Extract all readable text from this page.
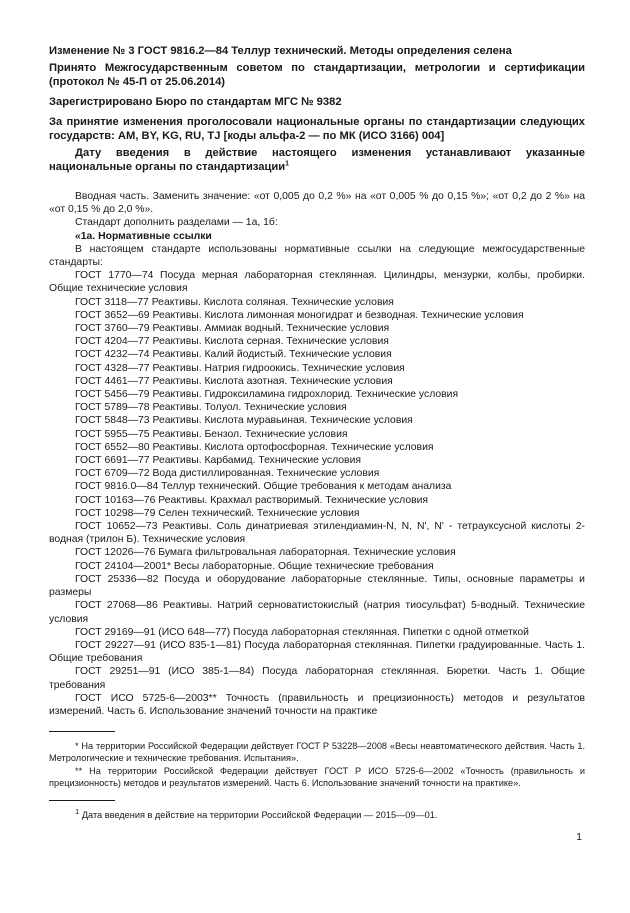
Изменение № 3 ГОСТ 9816.2—84 Теллур технический. Методы определения селена

Принято Межгосударственным советом по стандартизации, метрологии и сертификации (протокол № 45-П от 25.06.2014)

Зарегистрировано Бюро по стандартам МГС № 9382

За принятие изменения проголосовали национальные органы по стандартизации следующих государств: AM, BY, KG, RU, TJ [коды альфа-2 — по МК (ИСО 3166) 004]

Дату введения в действие настоящего изменения устанавливают указанные национальные органы по стандартизации$^1$

Вводная часть. Заменить значение: «от 0,005 до 0,2 %» на «от 0,005 % до 0,15 %»; «от 0,2 до 2 %» на «от 0,15 % до 2,0 %».

Стандарт дополнить разделами — 1а, 1б:

«1а. Нормативные ссылки

В настоящем стандарте использованы нормативные ссылки на следующие межгосударственные стандарты:

ГОСТ 1770—74 Посуда мерная лабораторная стеклянная. Цилиндры, мензурки, колбы, пробирки. Общие технические условия

ГОСТ 3118—77 Реактивы. Кислота соляная. Технические условия

ГОСТ 3652—69 Реактивы. Кислота лимонная моногидрат и безводная. Технические условия

ГОСТ 3760—79 Реактивы. Аммиак водный. Технические условия

ГОСТ 4204—77 Реактивы. Кислота серная. Технические условия

ГОСТ 4232—74 Реактивы. Калий йодистый. Технические условия

ГОСТ 4328—77 Реактивы. Натрия гидроокись. Технические условия

ГОСТ 4461—77 Реактивы. Кислота азотная. Технические условия

ГОСТ 5456—79 Реактивы. Гидроксиламина гидрохлорид. Технические условия

ГОСТ 5789—78 Реактивы. Толуол. Технические условия

ГОСТ 5848—73 Реактивы. Кислота муравьиная. Технические условия

ГОСТ 5955—75 Реактивы. Бензол. Технические условия

ГОСТ 6552—80 Реактивы. Кислота ортофосфорная. Технические условия

ГОСТ 6691—77 Реактивы. Карбамид. Технические условия

ГОСТ 6709—72 Вода дистиллированная. Технические условия

ГОСТ 9816.0—84 Теллур технический. Общие требования к методам анализа

ГОСТ 10163—76 Реактивы. Крахмал растворимый. Технические условия

ГОСТ 10298—79 Селен технический. Технические условия

ГОСТ 10652—73 Реактивы. Соль динатриевая этилендиамин-N, N, N', N' - тетрауксусной кислоты 2-водная (трилон Б). Технические условия

ГОСТ 12026—76 Бумага фильтровальная лабораторная. Технические условия

ГОСТ 24104—2001* Весы лабораторные. Общие технические требования

ГОСТ 25336—82 Посуда и оборудование лабораторные стеклянные. Типы, основные параметры и размеры

ГОСТ 27068—86 Реактивы. Натрий серноватистокислый (натрия тиосульфат) 5-водный. Технические условия

ГОСТ 29169—91 (ИСО 648—77) Посуда лабораторная стеклянная. Пипетки с одной отметкой

ГОСТ 29227—91 (ИСО 835-1—81) Посуда лабораторная стеклянная. Пипетки градуированные. Часть 1. Общие требования

ГОСТ 29251—91 (ИСО 385-1—84) Посуда лабораторная стеклянная. Бюретки. Часть 1. Общие требования

ГОСТ ИСО 5725-6—2003** Точность (правильность и прецизионность) методов и результатов измерений. Часть 6. Использование значений точности на практике

* На территории Российской Федерации действует ГОСТ Р 53228—2008 «Весы неавтоматического действия. Часть 1. Метрологические и технические требования. Испытания».

** На территории Российской Федерации действует ГОСТ Р ИСО 5725-6—2002 «Точность (правильность и прецизионность) методов и результатов измерений. Часть 6. Использование значений точности на практике».

$^1$ Дата введения в действие на территории Российской Федерации — 2015—09—01.

1
